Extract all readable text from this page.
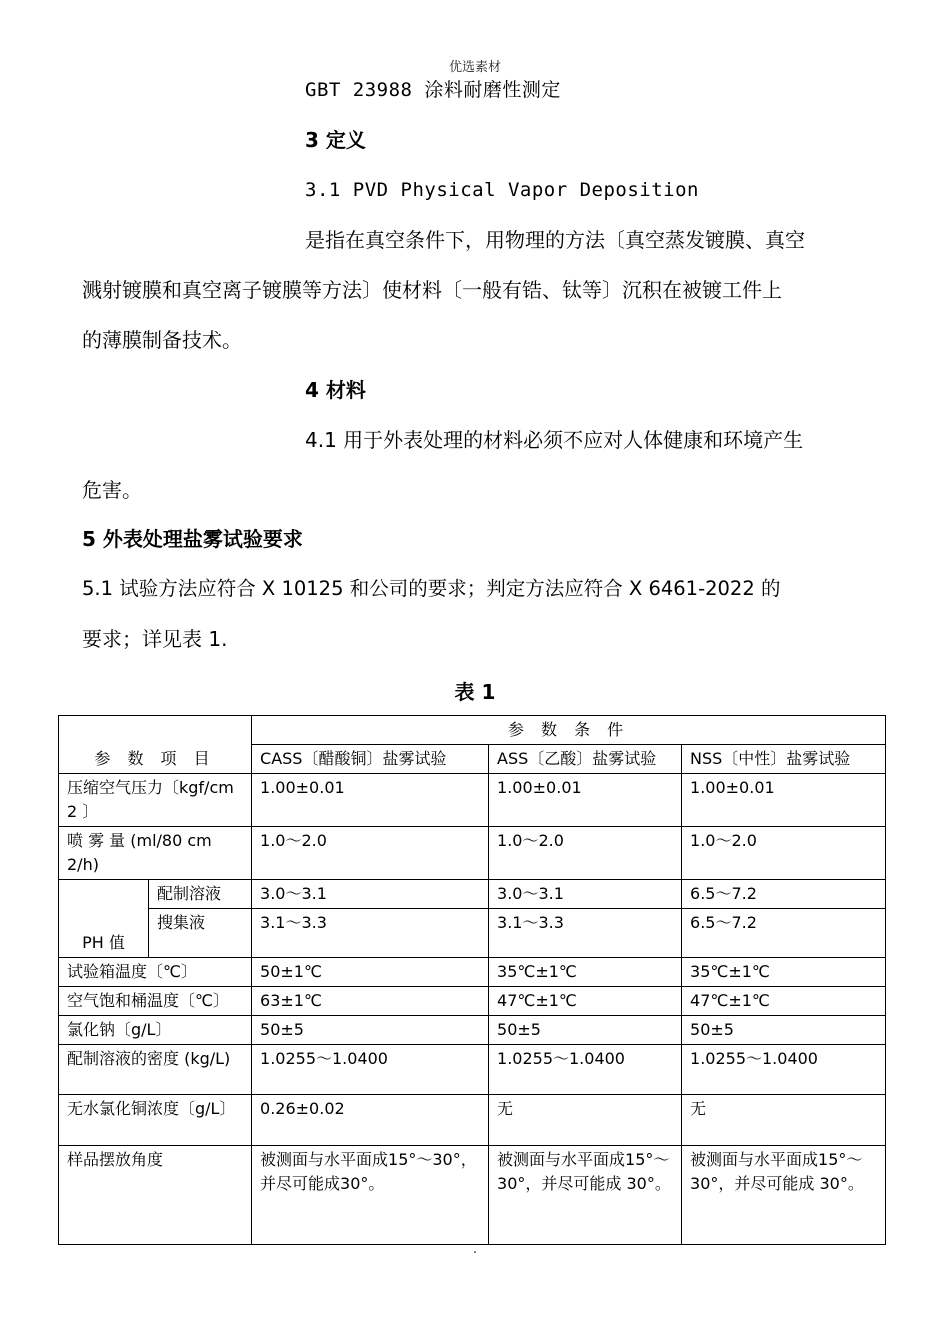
优选素材
GBT 23988 涂料耐磨性测定
3 定义
3.1 PVD Physical Vapor Deposition
是指在真空条件下，用物理的方法〔真空蒸发镀膜、真空
溅射镀膜和真空离子镀膜等方法〕使材料〔一般有锆、钛等〕沉积在被镀工件上
的薄膜制备技术。
4 材料
4.1 用于外表处理的材料必须不应对人体健康和环境产生
危害。
5 外表处理盐雾试验要求
5.1 试验方法应符合 X 10125 和公司的要求；判定方法应符合 X 6461-2022 的
要求；详见表 1.
表 1
参 数 项 目		参 数 条 件		
		CASS〔醋酸铜〕盐雾试验	ASS〔乙酸〕盐雾试验	NSS〔中性〕盐雾试验
压缩空气压力〔kgf/cm 2 〕		1.00±0.01	1.00±0.01	1.00±0.01
喷 雾 量 (ml/80 cm 2/h)		1.0～2.0	1.0～2.0	1.0～2.0
PH 值	配制溶液	3.0～3.1	3.0～3.1	6.5～7.2
	搜集液	3.1～3.3	3.1～3.3	6.5～7.2
试验箱温度〔℃〕		50±1℃	35℃±1℃	35℃±1℃
空气饱和桶温度〔℃〕		63±1℃	47℃±1℃	47℃±1℃
氯化钠〔g/L〕		50±5	50±5	50±5
配制溶液的密度 (kg/L)		1.0255～1.0400	1.0255～1.0400	1.0255～1.0400
无水氯化铜浓度〔g/L〕		0.26±0.02	无	无
样品摆放角度		被测面与水平面成15°～30°，并尽可能成30°。	被测面与水平面成15°～30°，并尽可能成 30°。	被测面与水平面成15°～30°，并尽可能成 30°。
.
